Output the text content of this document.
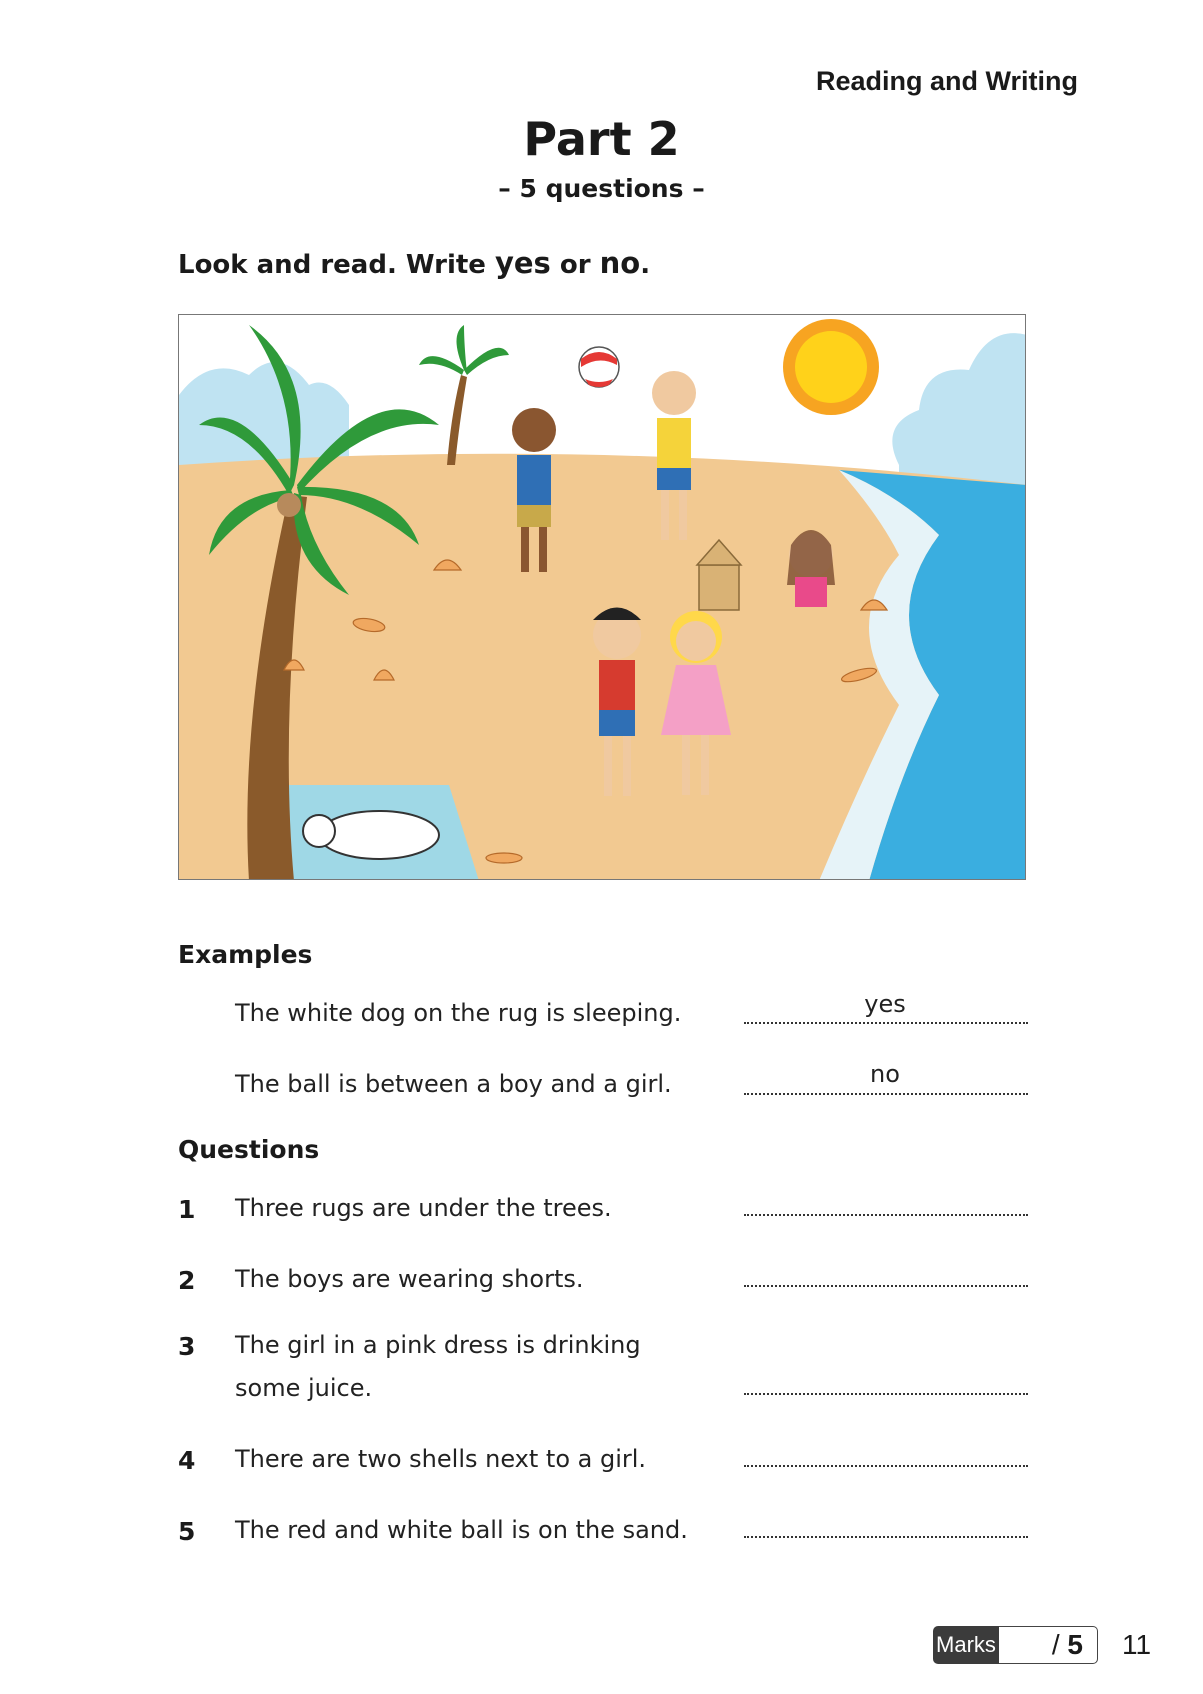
Reading and Writing
Part 2
– 5 questions –
Look and read. Write yes or no.
Examples
The white dog on the rug is sleeping.	yes
The ball is between a boy and a girl.	no
Questions
1 Three rugs are under the trees.
2 The boys are wearing shorts.
3 The girl in a pink dress is drinking
some juice.
4 There are two shells next to a girl.
5 The red and white ball is on the sand.
Marks / 5 11
